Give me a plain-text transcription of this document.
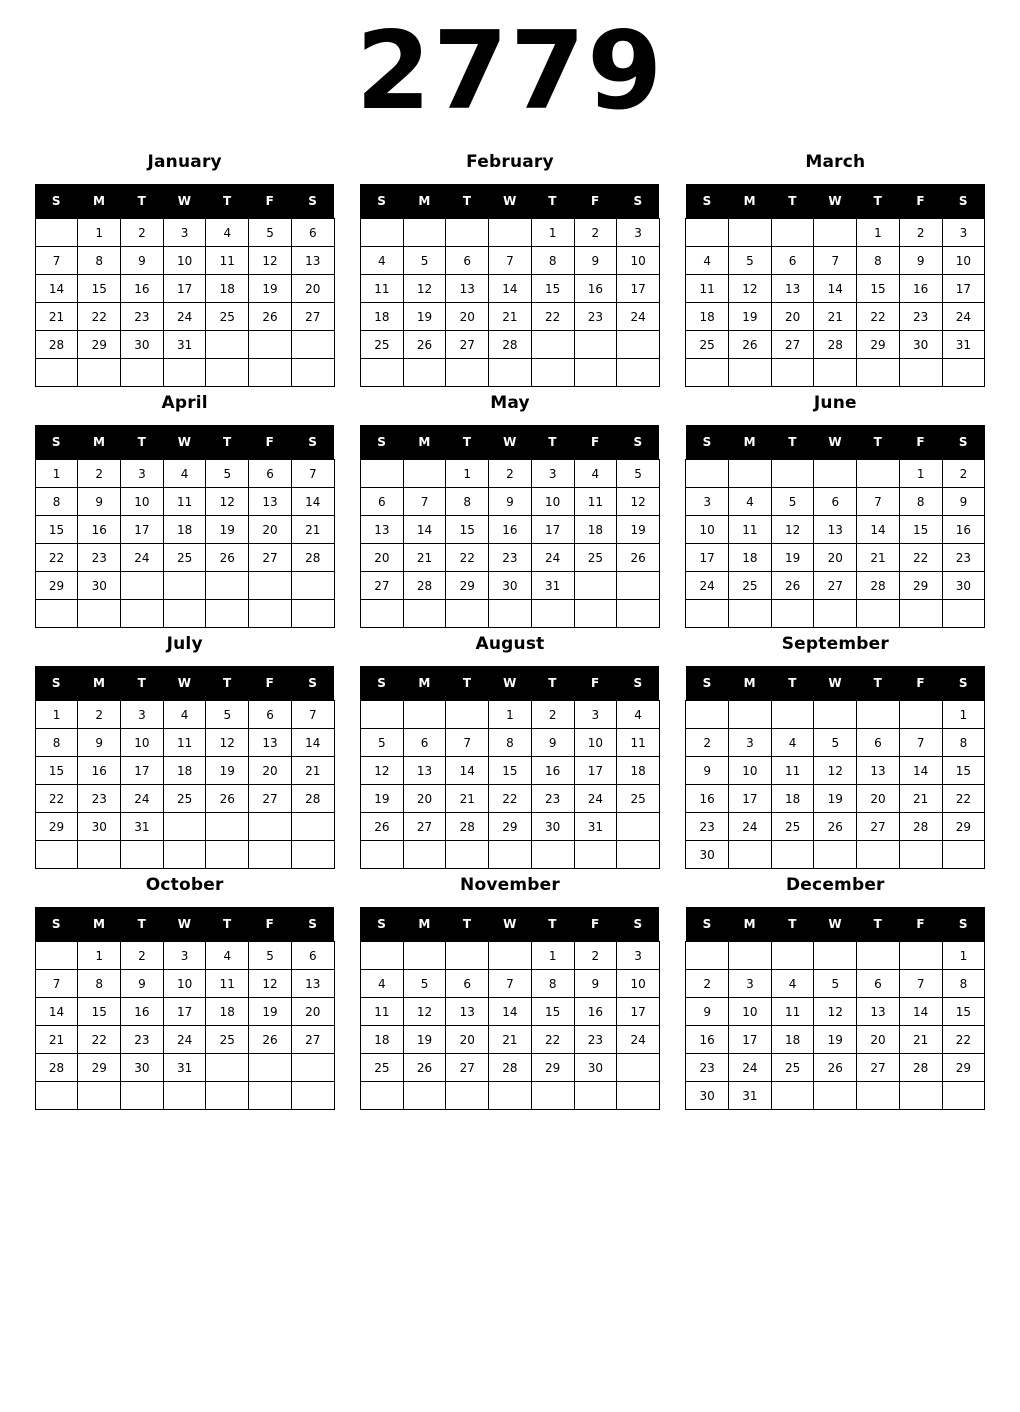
2779
January
S	M	T	W	T	F	S
	1	2	3	4	5	6
7	8	9	10	11	12	13
14	15	16	17	18	19	20
21	22	23	24	25	26	27
28	29	30	31			

February
S	M	T	W	T	F	S
				1	2	3
4	5	6	7	8	9	10
11	12	13	14	15	16	17
18	19	20	21	22	23	24
25	26	27	28			

March
S	M	T	W	T	F	S
				1	2	3
4	5	6	7	8	9	10
11	12	13	14	15	16	17
18	19	20	21	22	23	24
25	26	27	28	29	30	31

April
S	M	T	W	T	F	S
1	2	3	4	5	6	7
8	9	10	11	12	13	14
15	16	17	18	19	20	21
22	23	24	25	26	27	28
29	30					

May
S	M	T	W	T	F	S
		1	2	3	4	5
6	7	8	9	10	11	12
13	14	15	16	17	18	19
20	21	22	23	24	25	26
27	28	29	30	31		

June
S	M	T	W	T	F	S
					1	2
3	4	5	6	7	8	9
10	11	12	13	14	15	16
17	18	19	20	21	22	23
24	25	26	27	28	29	30

July
S	M	T	W	T	F	S
1	2	3	4	5	6	7
8	9	10	11	12	13	14
15	16	17	18	19	20	21
22	23	24	25	26	27	28
29	30	31				

August
S	M	T	W	T	F	S
			1	2	3	4
5	6	7	8	9	10	11
12	13	14	15	16	17	18
19	20	21	22	23	24	25
26	27	28	29	30	31	

September
S	M	T	W	T	F	S
						1
2	3	4	5	6	7	8
9	10	11	12	13	14	15
16	17	18	19	20	21	22
23	24	25	26	27	28	29
30						
October
S	M	T	W	T	F	S
	1	2	3	4	5	6
7	8	9	10	11	12	13
14	15	16	17	18	19	20
21	22	23	24	25	26	27
28	29	30	31			

November
S	M	T	W	T	F	S
				1	2	3
4	5	6	7	8	9	10
11	12	13	14	15	16	17
18	19	20	21	22	23	24
25	26	27	28	29	30	

December
S	M	T	W	T	F	S
						1
2	3	4	5	6	7	8
9	10	11	12	13	14	15
16	17	18	19	20	21	22
23	24	25	26	27	28	29
30	31					
